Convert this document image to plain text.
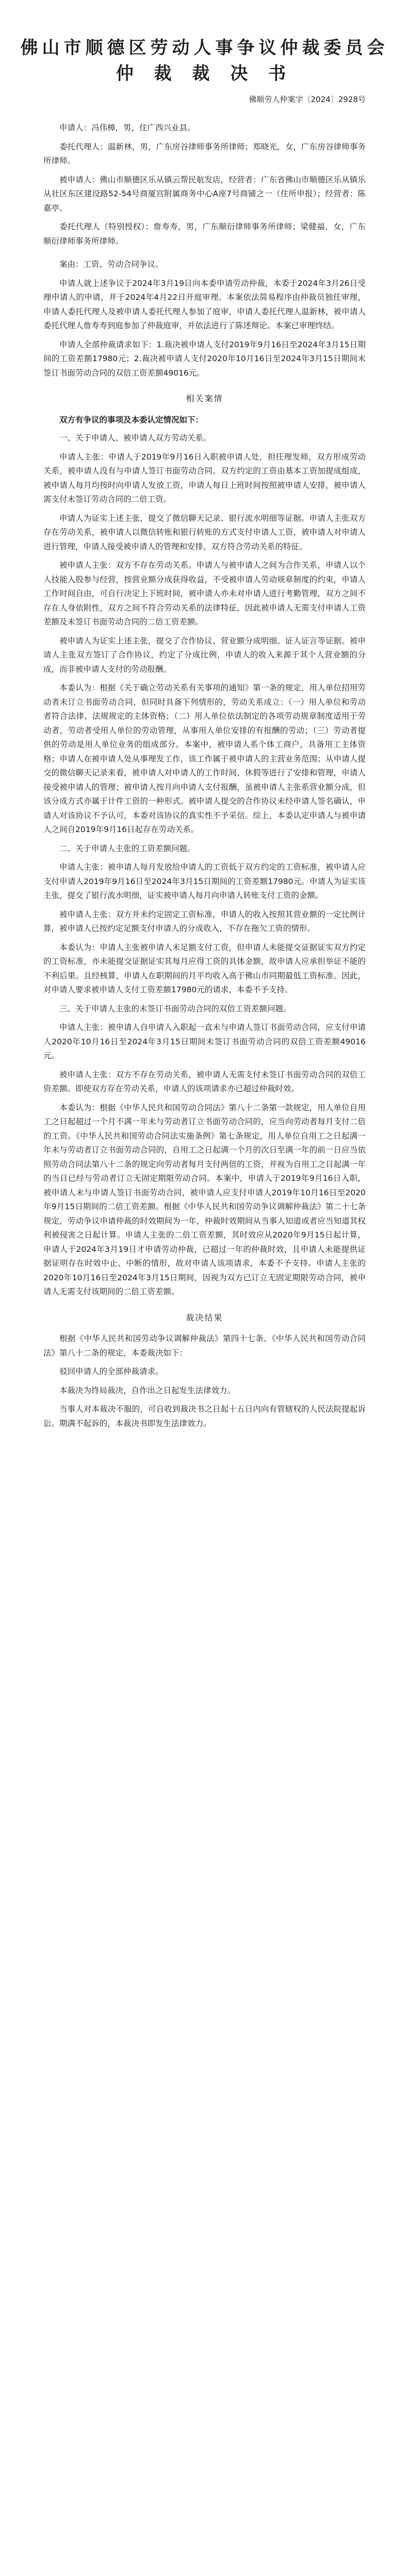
佛山市顺德区劳动人事争议仲裁委员会

仲 裁 裁 决 书

佛顺劳人仲案字〔2024〕2928号

申请人：冯伟樟，男，住广西兴业县。

委托代理人：温新林，男，广东房谷律师事务所律师；郑晓光，女，广东房谷律师事务所律师。

被申请人：佛山市顺德区乐从镇云帮民航发店，经营者：广东省佛山市顺德区乐从镇乐从社区东区建设路52-54号商厦宫附属商务中心A座7号商铺之一（住所申报）；经营者：陈嘉亭。

委托代理人（特别授权）：詹寿寿，男，广东顺衍律师事务所律师；梁健福，女，广东顺衍律师事务所律师。

案由：工资、劳动合同争议。

申请人就上述争议于2024年3月19日向本委申请劳动仲裁，本委于2024年3月26日受理申请人的申请，并于2024年4月22日开庭审理。本案依法简易程序由仲裁员独任审理，申请人委托代理人及被申请人委托代理人参加了庭审，申请人委托代理人温新林，被申请人委托代理人詹寿寿到庭参加了仲裁庭审，并依法进行了陈述辩论。本案已审理终结。

申请人全部仲裁请求如下：1.裁决被申请人支付2019年9月16日至2024年3月15日期间的工资差额17980元；2.裁决被申请人支付2020年10月16日至2024年3月15日期间未签订书面劳动合同的双倍工资差额49016元。

相关案情
双方有争议的事项及本委认定情况如下：

一、关于申请人、被申请人双方劳动关系。

申请人主张：申请人于2019年9月16日入职被申请人处，担任理发师，双方形成劳动关系，被申请人没有与申请人签订书面劳动合同。双方约定的工资由基本工资加提成组成，被申请人每月均按时向申请人发放工资，申请人每日上班时间按照被申请人安排，被申请人需支付未签订劳动合同的二倍工资。

申请人为证实上述主张，提交了微信聊天记录、银行流水明细等证据。申请人主张双方存在劳动关系，被申请人以微信转账和银行转账的方式支付申请人工资，被申请人对申请人进行管理，申请人接受被申请人的管理和安排，双方符合劳动关系的特征。

被申请人主张：双方不存在劳动关系。申请人与被申请人之间为合作关系，申请人以个人技能入股参与经营，按营业额分成获得收益，不受被申请人劳动规章制度的约束，申请人工作时间自由，可自行决定上下班时间，被申请人亦未对申请人进行考勤管理，双方之间不存在人身依附性，双方之间不符合劳动关系的法律特征，因此被申请人无需支付申请人工资差额及未签订书面劳动合同的二倍工资差额。

被申请人为证实上述主张，提交了合作协议、营业额分成明细、证人证言等证据。被申请人主张双方签订了合作协议，约定了分成比例，申请人的收入来源于其个人营业额的分成，而非被申请人支付的劳动报酬。

本委认为：根据《关于确立劳动关系有关事项的通知》第一条的规定，用人单位招用劳动者未订立书面劳动合同，但同时具备下列情形的，劳动关系成立：（一）用人单位和劳动者符合法律、法规规定的主体资格；（二）用人单位依法制定的各项劳动规章制度适用于劳动者，劳动者受用人单位的劳动管理，从事用人单位安排的有报酬的劳动；（三）劳动者提供的劳动是用人单位业务的组成部分。本案中，被申请人系个体工商户，具备用工主体资格；申请人在被申请人处从事理发工作，该工作属于被申请人的主营业务范围；从申请人提交的微信聊天记录来看，被申请人对申请人的工作时间、休假等进行了安排和管理，申请人接受被申请人的管理；被申请人按月向申请人支付报酬，虽被申请人主张系营业额分成，但该分成方式亦属于计件工资的一种形式。被申请人提交的合作协议未经申请人签名确认，申请人对该协议不予认可，本委对该协议的真实性不予采信。综上，本委认定申请人与被申请人之间自2019年9月16日起存在劳动关系。

二、关于申请人主张的工资差额问题。

申请人主张：被申请人每月发放给申请人的工资低于双方约定的工资标准，被申请人应支付申请人2019年9月16日至2024年3月15日期间的工资差额17980元。申请人为证实该主张，提交了银行流水明细，证实被申请人每月向申请人转账支付工资的金额。

被申请人主张：双方并未约定固定工资标准，申请人的收入按照其营业额的一定比例计算，被申请人已按约定足额支付申请人的分成收入，不存在拖欠工资的情形。

本委认为：申请人主张被申请人未足额支付工资，但申请人未能提交证据证实双方约定的工资标准，亦未能提交证据证实其每月应得工资的具体金额，故申请人应承担举证不能的不利后果。且经核算，申请人在职期间的月平均收入高于佛山市同期最低工资标准。因此，对申请人要求被申请人支付工资差额17980元的请求，本委不予支持。

三、关于申请人主张的未签订书面劳动合同的双倍工资差额问题。

申请人主张：被申请人自申请人入职起一直未与申请人签订书面劳动合同，应支付申请人2020年10月16日至2024年3月15日期间未签订书面劳动合同的双倍工资差额49016元。

被申请人主张：双方不存在劳动关系，被申请人无需支付未签订书面劳动合同的双倍工资差额。即使双方存在劳动关系，申请人的该项请求亦已超过仲裁时效。

本委认为：根据《中华人民共和国劳动合同法》第八十二条第一款规定，用人单位自用工之日起超过一个月不满一年未与劳动者订立书面劳动合同的，应当向劳动者每月支付二倍的工资。《中华人民共和国劳动合同法实施条例》第七条规定，用人单位自用工之日起满一年未与劳动者订立书面劳动合同的，自用工之日起满一个月的次日至满一年的前一日应当依照劳动合同法第八十二条的规定向劳动者每月支付两倍的工资，并视为自用工之日起满一年的当日已经与劳动者订立无固定期限劳动合同。本案中，申请人于2019年9月16日入职，被申请人未与申请人签订书面劳动合同，被申请人应支付申请人2019年10月16日至2020年9月15日期间的二倍工资差额。根据《中华人民共和国劳动争议调解仲裁法》第二十七条规定，劳动争议申请仲裁的时效期间为一年，仲裁时效期间从当事人知道或者应当知道其权利被侵害之日起计算。申请人主张的二倍工资差额，其时效应从2020年9月15日起计算，申请人于2024年3月19日才申请劳动仲裁，已超过一年的仲裁时效，且申请人未能提供证据证明存在时效中止、中断的情形，故对申请人该项请求，本委不予支持。申请人主张的2020年10月16日至2024年3月15日期间，因视为双方已订立无固定期限劳动合同，被申请人无需支付该期间的二倍工资差额。

裁决结果

根据《中华人民共和国劳动争议调解仲裁法》第四十七条、《中华人民共和国劳动合同法》第八十二条的规定，本委裁决如下：

驳回申请人的全部仲裁请求。

本裁决为终局裁决，自作出之日起发生法律效力。

当事人对本裁决不服的，可自收到裁决书之日起十五日内向有管辖权的人民法院提起诉讼。期满不起诉的，本裁决书即发生法律效力。
